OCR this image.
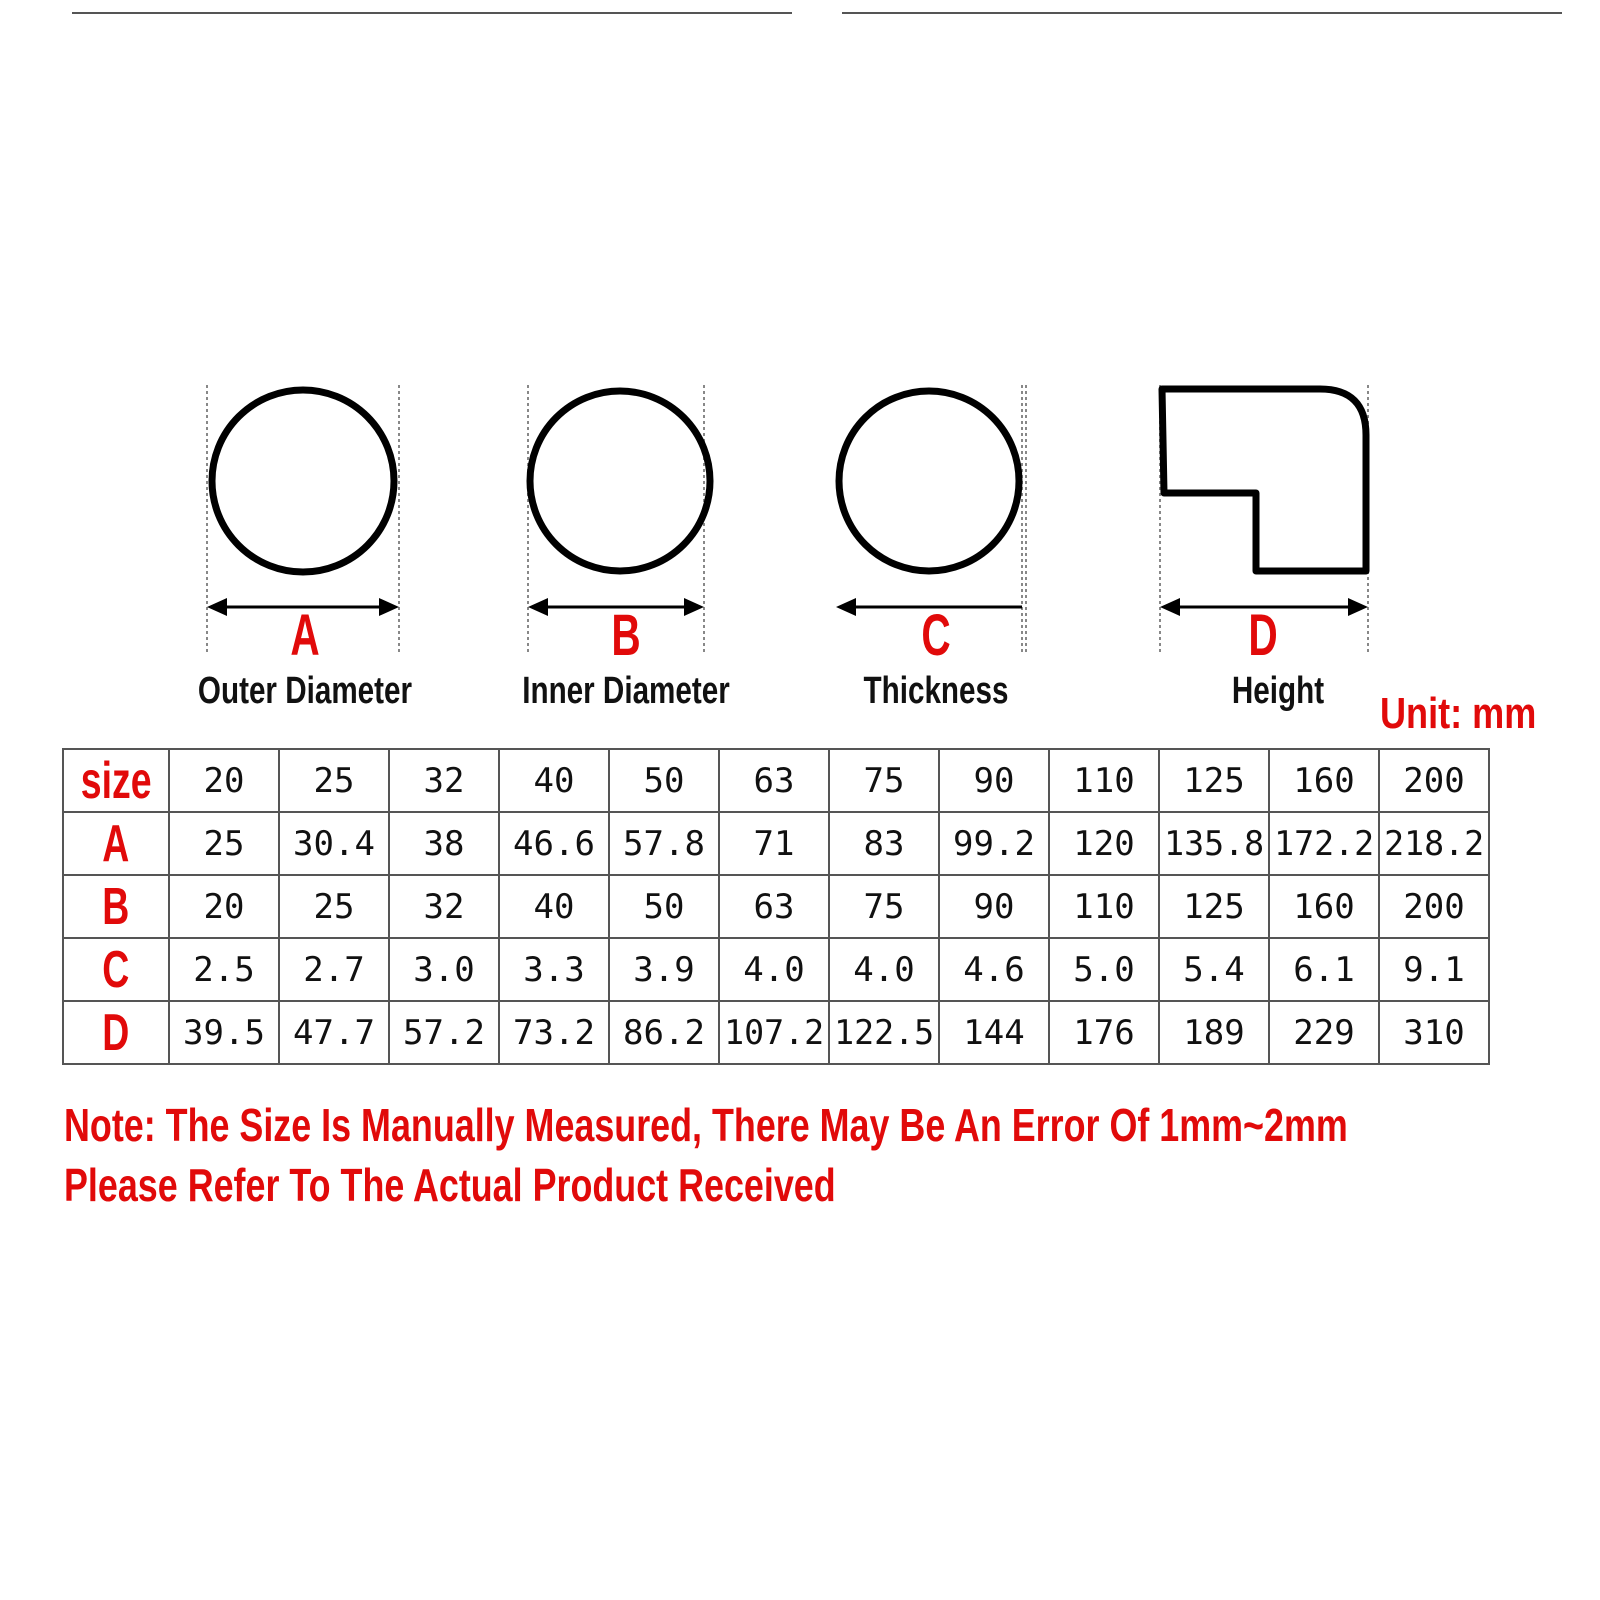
A
Outer Diameter
B
Inner Diameter
C
Thickness
D
Height	Unit: mm
size	20	25	32	40	50	63	75	90	110	125	160	200
A	25	30.4	38	46.6	57.8	71	83	99.2	120	135.8	172.2	218.2
B	20	25	32	40	50	63	75	90	110	125	160	200
C	2.5	2.7	3.0	3.3	3.9	4.0	4.0	4.6	5.0	5.4	6.1	9.1
D	39.5	47.7	57.2	73.2	86.2	107.2	122.5	144	176	189	229	310
Note: The Size Is Manually Measured, There May Be An Error Of 1mm~2mm
Please Refer To The Actual Product Received
